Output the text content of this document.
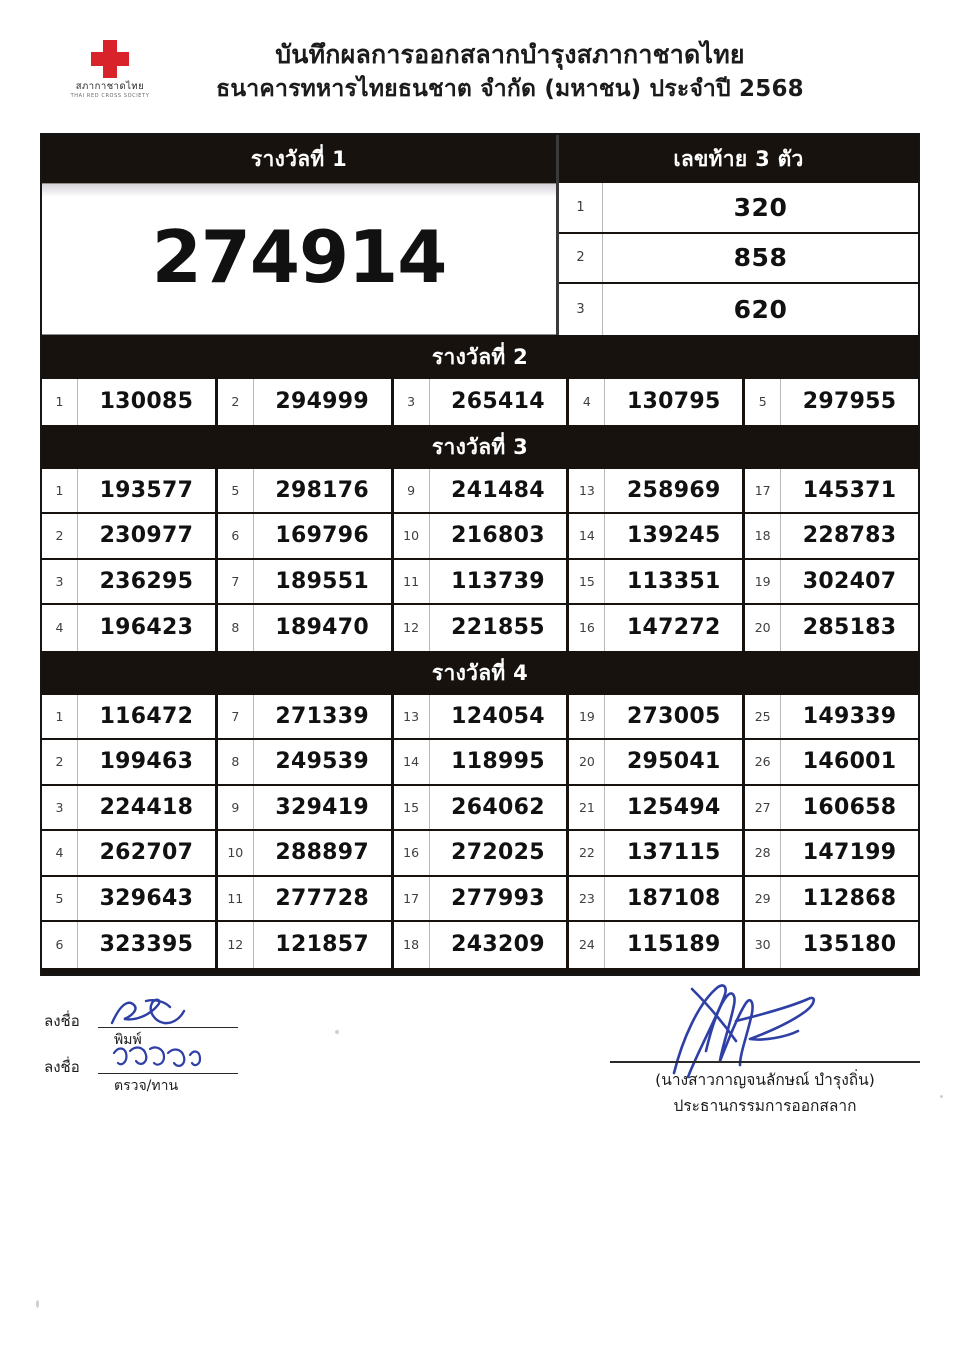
สภากาชาดไทย
THAI RED CROSS SOCIETY
บันทึกผลการออกสลากบำรุงสภากาชาดไทย
ธนาคารทหารไทยธนชาต จำกัด (มหาชน) ประจำปี 2568
รางวัลที่ 1
274914
เลขท้าย 3 ตัว
1	320
2	858
3	620
รางวัลที่ 2
1	130085	2	294999	3	265414	4	130795	5	297955
รางวัลที่ 3
1	193577	5	298176	9	241484	13	258969	17	145371
2	230977	6	169796	10	216803	14	139245	18	228783
3	236295	7	189551	11	113739	15	113351	19	302407
4	196423	8	189470	12	221855	16	147272	20	285183
รางวัลที่ 4
1	116472	7	271339	13	124054	19	273005	25	149339
2	199463	8	249539	14	118995	20	295041	26	146001
3	224418	9	329419	15	264062	21	125494	27	160658
4	262707	10	288897	16	272025	22	137115	28	147199
5	329643	11	277728	17	277993	23	187108	29	112868
6	323395	12	121857	18	243209	24	115189	30	135180
ลงชื่อ
พิมพ์
ลงชื่อ
ตรวจ/ทาน	(นางสาวกาญจนลักษณ์ บำรุงถิ่น)
ประธานกรรมการออกสลาก
